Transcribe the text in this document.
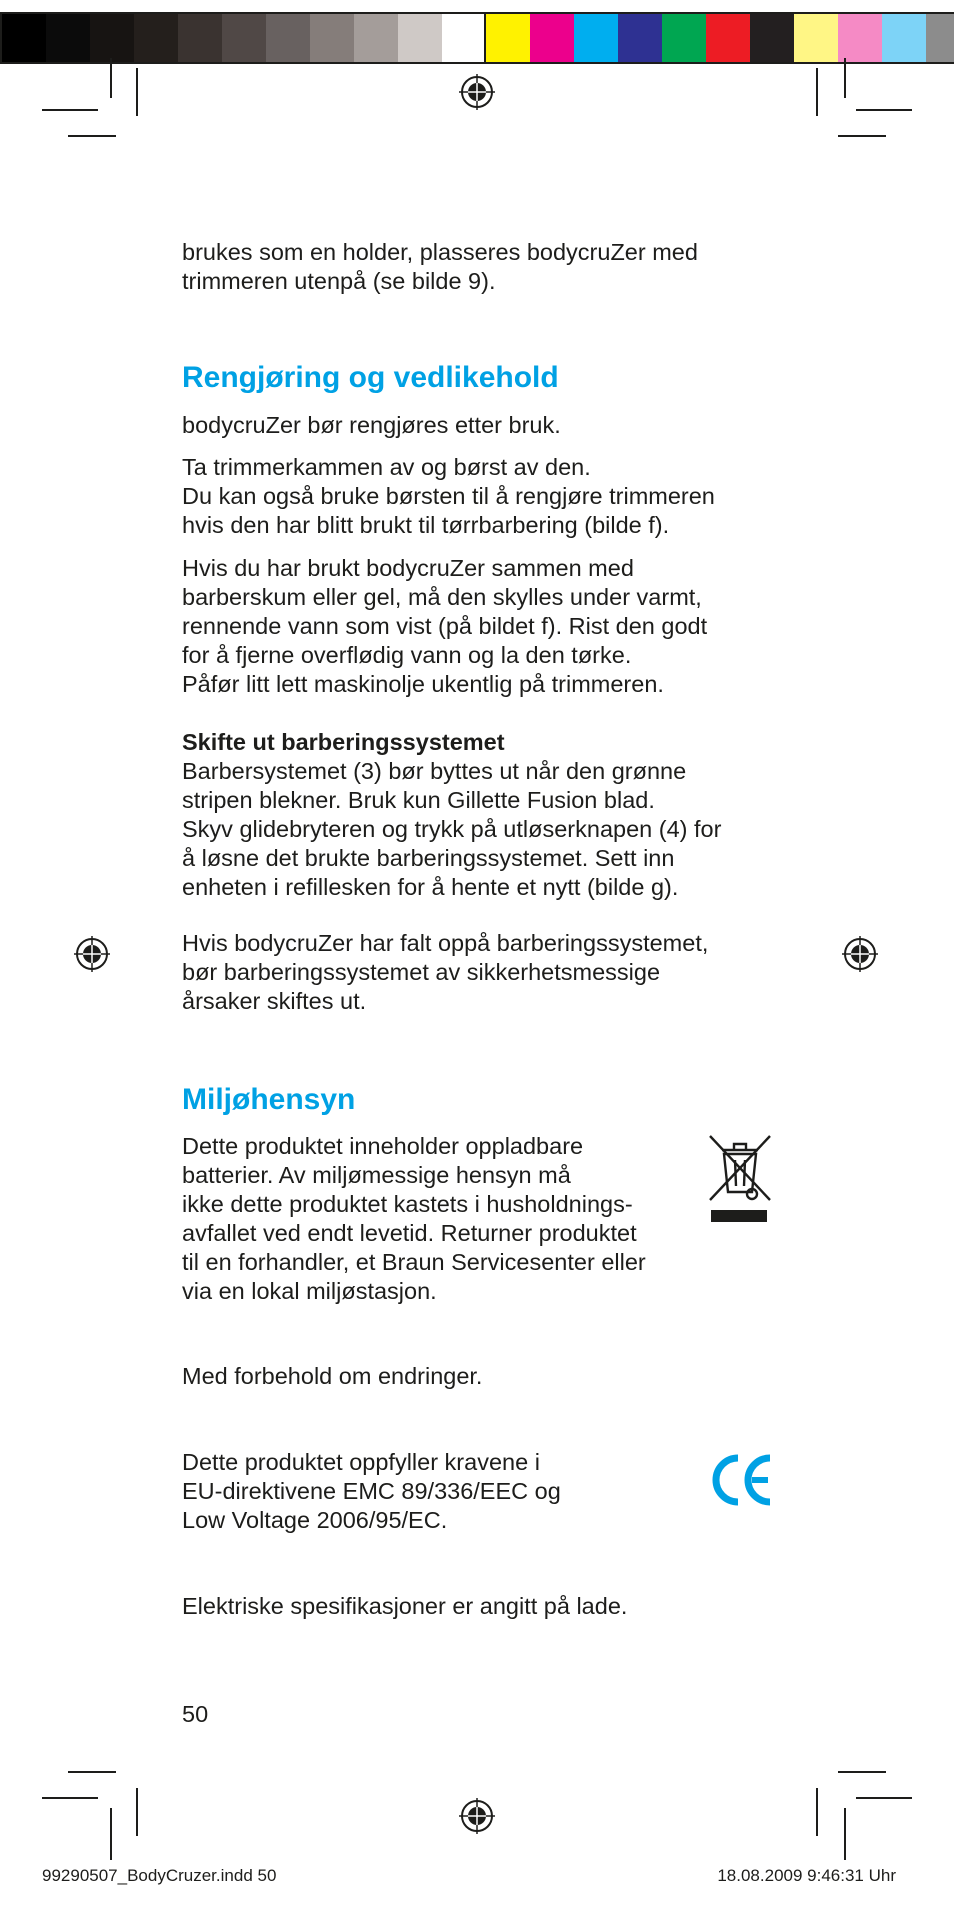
brukes som en holder, plasseres bodycruZer med
trimmeren utenpå (se bilde 9).
Rengjøring og vedlikehold
bodycruZer bør rengjøres etter bruk.
Ta trimmerkammen av og børst av den.
Du kan også bruke børsten til å rengjøre trimmeren
hvis den har blitt brukt til tørrbarbering (bilde f).
Hvis du har brukt bodycruZer sammen med
barberskum eller gel, må den skylles under varmt,
rennende vann som vist (på bildet f). Rist den godt
for å fjerne overflødig vann og la den tørke.
Påfør litt lett maskinolje ukentlig på trimmeren.
Skifte ut barberingssystemet
Barbersystemet (3) bør byttes ut når den grønne
stripen blekner. Bruk kun Gillette Fusion blad.
Skyv glidebryteren og trykk på utløserknapen (4) for
å løsne det brukte barberingssystemet. Sett inn
enheten i refillesken for å hente et nytt (bilde g).
Hvis bodycruZer har falt oppå barberingssystemet,
bør barberingssystemet av sikkerhetsmessige
årsaker skiftes ut.
Miljøhensyn
Dette produktet inneholder oppladbare
batterier. Av miljømessige hensyn må
ikke dette produktet kastets i husholdnings-
avfallet ved endt levetid. Returner produktet
til en forhandler, et Braun Servicesenter eller
via en lokal miljøstasjon.
Med forbehold om endringer.
Dette produktet oppfyller kravene i
EU-direktivene EMC 89/336/EEC og
Low Voltage 2006/95/EC.
Elektriske spesifikasjoner er angitt på lade.
50
99290507_BodyCruzer.indd 50	18.08.2009 9:46:31 Uhr
